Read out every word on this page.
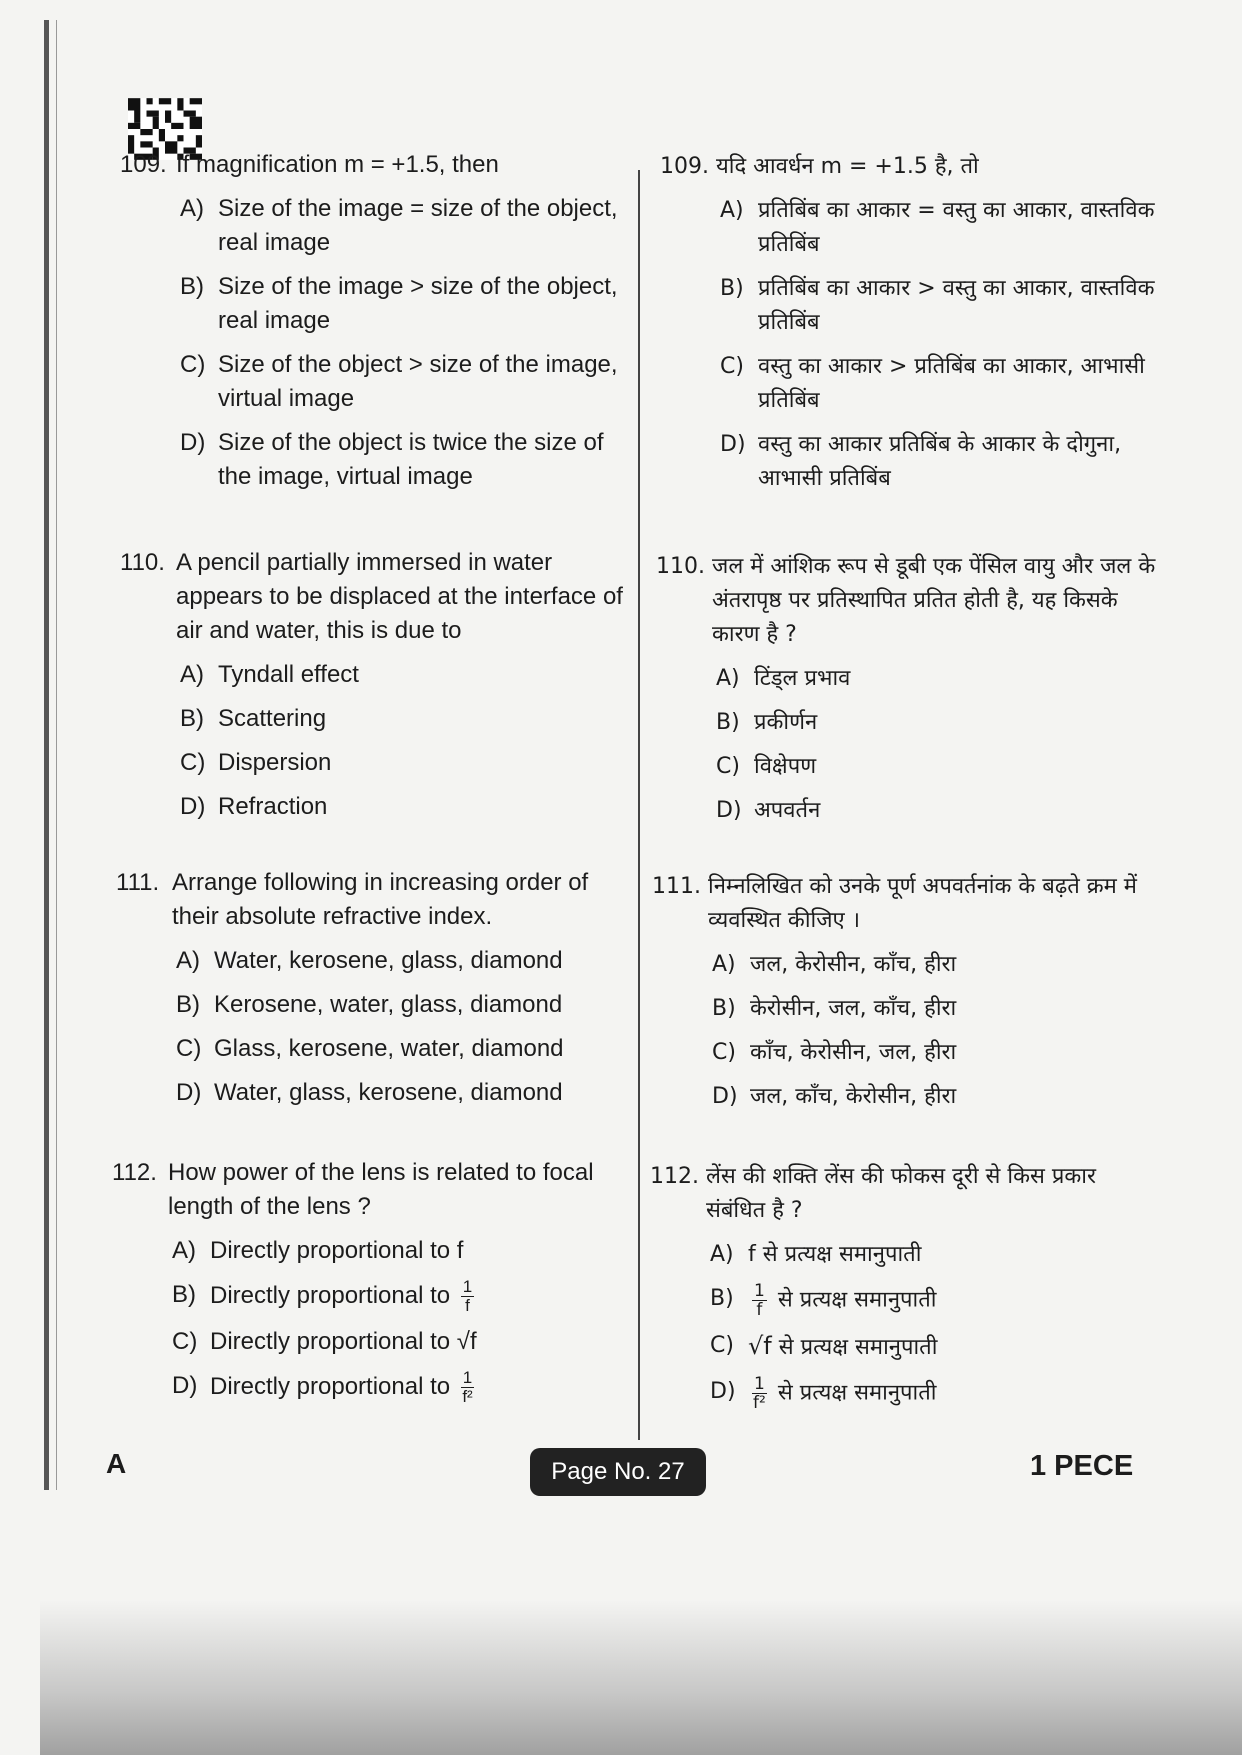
109. If magnification m = +1.5, then
A) Size of the image = size of the object, real image
B) Size of the image > size of the object, real image
C) Size of the object > size of the image, virtual image
D) Size of the object is twice the size of the image, virtual image
110. A pencil partially immersed in water appears to be displaced at the interface of air and water, this is due to
A) Tyndall effect
B) Scattering
C) Dispersion
D) Refraction
111. Arrange following in increasing order of their absolute refractive index.
A) Water, kerosene, glass, diamond
B) Kerosene, water, glass, diamond
C) Glass, kerosene, water, diamond
D) Water, glass, kerosene, diamond
112. How power of the lens is related to focal length of the lens ?
A) Directly proportional to f
B) Directly proportional to $\frac{1}{f}$
C) Directly proportional to √f
D) Directly proportional to $\frac{1}{\text{f²}}$
109. यदि आवर्धन m = +1.5 है, तो
A) प्रतिबिंब का आकार = वस्तु का आकार, वास्तविक प्रतिबिंब
B) प्रतिबिंब का आकार > वस्तु का आकार, वास्तविक प्रतिबिंब
C) वस्तु का आकार > प्रतिबिंब का आकार, आभासी प्रतिबिंब
D) वस्तु का आकार प्रतिबिंब के आकार के दोगुना, आभासी प्रतिबिंब
110. जल में आंशिक रूप से डूबी एक पेंसिल वायु और जल के अंतरापृष्ठ पर प्रतिस्थापित प्रतित होती है, यह किसके कारण है ?
A) टिंड्ल प्रभाव
B) प्रकीर्णन
C) विक्षेपण
D) अपवर्तन
111. निम्नलिखित को उनके पूर्ण अपवर्तनांक के बढ़ते क्रम में व्यवस्थित कीजिए ।
A) जल, केरोसीन, काँच, हीरा
B) केरोसीन, जल, काँच, हीरा
C) काँच, केरोसीन, जल, हीरा
D) जल, काँच, केरोसीन, हीरा
112. लेंस की शक्ति लेंस की फोकस दूरी से किस प्रकार संबंधित है ?
A) f से प्रत्यक्ष समानुपाती
$B) \frac{1}{f}$ से प्रत्यक्ष समानुपाती
C) √f से प्रत्यक्ष समानुपाती
$D) \frac{1}{\text{f²}}$ से प्रत्यक्ष समानुपाती
A	Page No. 27	1 PECE
